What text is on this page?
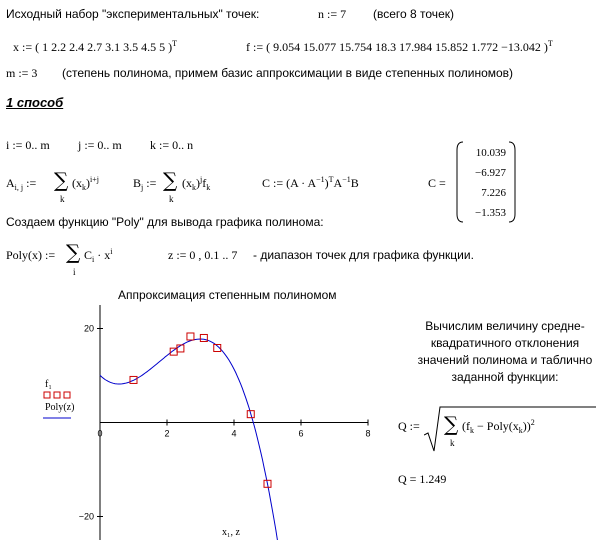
Исходный набор "экспериментальных" точек:	n := 7 (всего 8 точек)
x := ( 1 2.2 2.4 2.7 3.1 3.5 4.5 5 )$^T$	f := ( 9.054 15.077 15.754 18.3 17.984 15.852 1.772 −13.042 )$^T$
m := 3 (степень полинома, примем базис аппроксимации в виде степенных полиномов)
1 способ
i := 0.. m j := 0.. m k := 0.. n
$A_{i, j}$ := ∑
k
$(x_k)^{i+j}$	$B_j$ := ∑
k
$(x_k)^jf_k$	C := $(A \cdot A^{-1})^TA^{-1}B$	C =
10.039
−6.927
7.226
−1.353
Создаем функцию "Poly" для вывода графика полинома:
Poly(x) := ∑
i
$C_i \cdot x^i$	z := 0 , 0.1 .. 7 - диапазон точек для графика функции.
Аппроксимация степенным полиномом
0	2	4	6	8
20
−20
f₁
Poly(z)
x₁, z
Вычислим величину средне-
квадратичного отклонения
значений полинома и таблично
заданной функции:
Q := ∑
k
($f_k$ − $Poly(x_k))^2$
Q = 1.249
